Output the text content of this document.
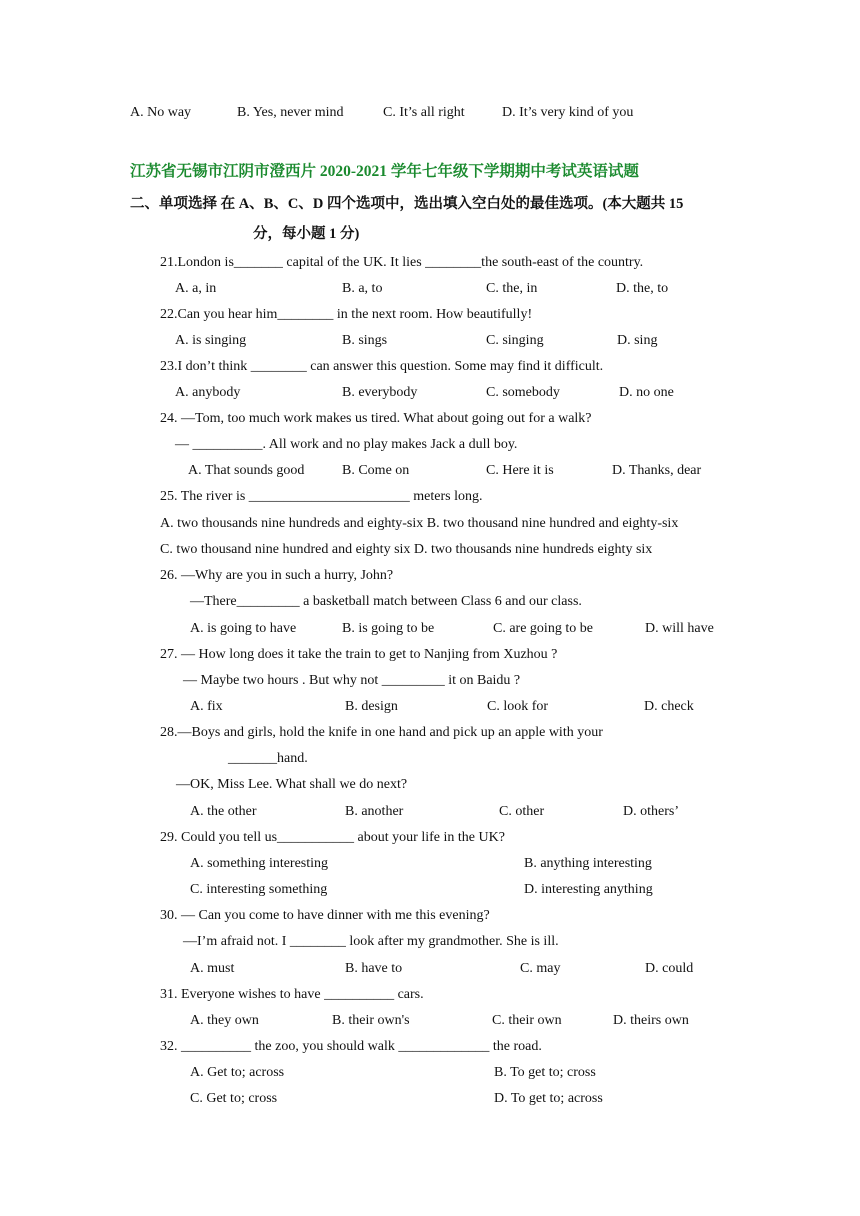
A. No way	B. Yes, never mind	C. It’s all right	D. It’s very kind of you
江苏省无锡市江阴市澄西片 2020-2021 学年七年级下学期期中考试英语试题
二、单项选择 在 A、B、C、D 四个选项中，选出填入空白处的最佳选项。(本大题共 15
分，每小题 1 分)
21.London is_______ capital of the UK. It lies ________the south-east of the country.
A. a, in	B. a, to	C. the, in	D. the, to
22.Can you hear him________ in the next room. How beautifully!
A. is singing	B. sings	C. singing	D. sing
23.I don’t think ________ can answer this question. Some may find it difficult.
A. anybody	B. everybody	C. somebody	D. no one
24. —Tom, too much work makes us tired. What about going out for a walk?
— __________. All work and no play makes Jack a dull boy.
A. That sounds good	B. Come on	C. Here it is	D. Thanks, dear
25. The river is _______________________ meters long.
A. two thousands nine hundreds and eighty-six B. two thousand nine hundred and eighty-six
C. two thousand nine hundred and eighty six D. two thousands nine hundreds eighty six
26. —Why are you in such a hurry, John?
—There_________ a basketball match between Class 6 and our class.
A. is going to have	B. is going to be	C. are going to be	D. will have
27. — How long does it take the train to get to Nanjing from Xuzhou ?
— Maybe two hours . But why not _________ it on Baidu ?
A. fix	B. design	C. look for	D. check
28.—Boys and girls, hold the knife in one hand and pick up an apple with your
_______hand.
—OK, Miss Lee. What shall we do next?
A. the other	B. another	C. other	D. others’
29. Could you tell us___________ about your life in the UK?
A. something interesting	B. anything interesting
C. interesting something	D. interesting anything
30. — Can you come to have dinner with me this evening?
—I’m afraid not. I ________ look after my grandmother. She is ill.
A. must	B. have to	C. may	D. could
31. Everyone wishes to have __________ cars.
A. they own	B. their own's	C. their own	D. theirs own
32. __________ the zoo, you should walk _____________ the road.
A. Get to; across	B. To get to; cross
C. Get to; cross	D. To get to; across
